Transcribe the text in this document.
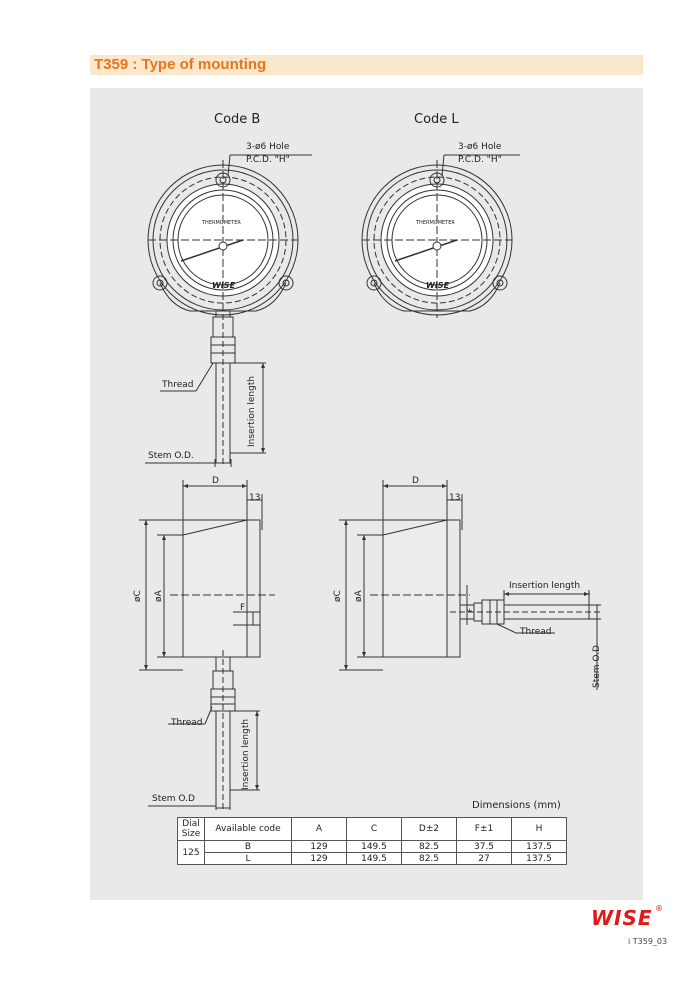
T359 : Type of mounting
Code B	Code L
3-ø6 Hole
P.C.D. "H"
3-ø6 Hole
P.C.D. "H"
THERMOMETER
WISE
THERMOMETER
WISE
Thread	Insertion length
Stem O.D.
D
13
øC øA
F
Thread	Insertion length
Stem O.D
D
13
øC øA
F
Insertion length
Thread
Stem O.D
Dimensions (mm)
Dial Size	Available code	A	C	D±2	F±1	H
125	B	129	149.5	82.5	37.5	137.5
	L	129	149.5	82.5	27	137.5
WISE ®
i T359_03
